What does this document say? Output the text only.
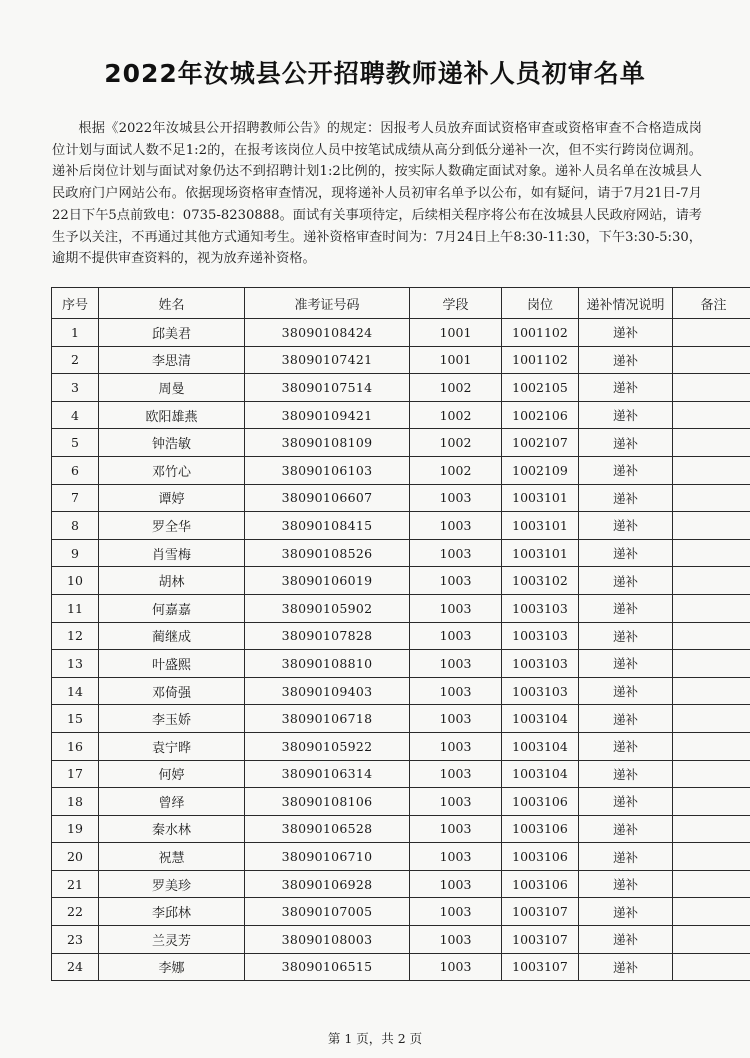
2022年汝城县公开招聘教师递补人员初审名单
根据《2022年汝城县公开招聘教师公告》的规定：因报考人员放弃面试资格审查或资格审查不合格造成岗位计划与面试人数不足1:2的，在报考该岗位人员中按笔试成绩从高分到低分递补一次，但不实行跨岗位调剂。递补后岗位计划与面试对象仍达不到招聘计划1:2比例的，按实际人数确定面试对象。递补人员名单在汝城县人民政府门户网站公布。依据现场资格审查情况，现将递补人员初审名单予以公布，如有疑问，请于7月21日-7月22日下午5点前致电：0735-8230888。面试有关事项待定，后续相关程序将公布在汝城县人民政府网站，请考生予以关注，不再通过其他方式通知考生。递补资格审查时间为：7月24日上午8:30-11:30，下午3:30-5:30，逾期不提供审查资料的，视为放弃递补资格。
序号	姓名	准考证号码	学段	岗位	递补情况说明	备注
1	邱美君	38090108424	1001	1001102	递补	
2	李思清	38090107421	1001	1001102	递补	
3	周曼	38090107514	1002	1002105	递补	
4	欧阳雄燕	38090109421	1002	1002106	递补	
5	钟浩敏	38090108109	1002	1002107	递补	
6	邓竹心	38090106103	1002	1002109	递补	
7	谭婷	38090106607	1003	1003101	递补	
8	罗全华	38090108415	1003	1003101	递补	
9	肖雪梅	38090108526	1003	1003101	递补	
10	胡林	38090106019	1003	1003102	递补	
11	何嘉嘉	38090105902	1003	1003103	递补	
12	蔺继成	38090107828	1003	1003103	递补	
13	叶盛熙	38090108810	1003	1003103	递补	
14	邓倚强	38090109403	1003	1003103	递补	
15	李玉娇	38090106718	1003	1003104	递补	
16	袁宁晔	38090105922	1003	1003104	递补	
17	何婷	38090106314	1003	1003104	递补	
18	曾绎	38090108106	1003	1003106	递补	
19	秦水林	38090106528	1003	1003106	递补	
20	祝慧	38090106710	1003	1003106	递补	
21	罗美珍	38090106928	1003	1003106	递补	
22	李邱林	38090107005	1003	1003107	递补	
23	兰灵芳	38090108003	1003	1003107	递补	
24	李娜	38090106515	1003	1003107	递补	
第 1 页，共 2 页
